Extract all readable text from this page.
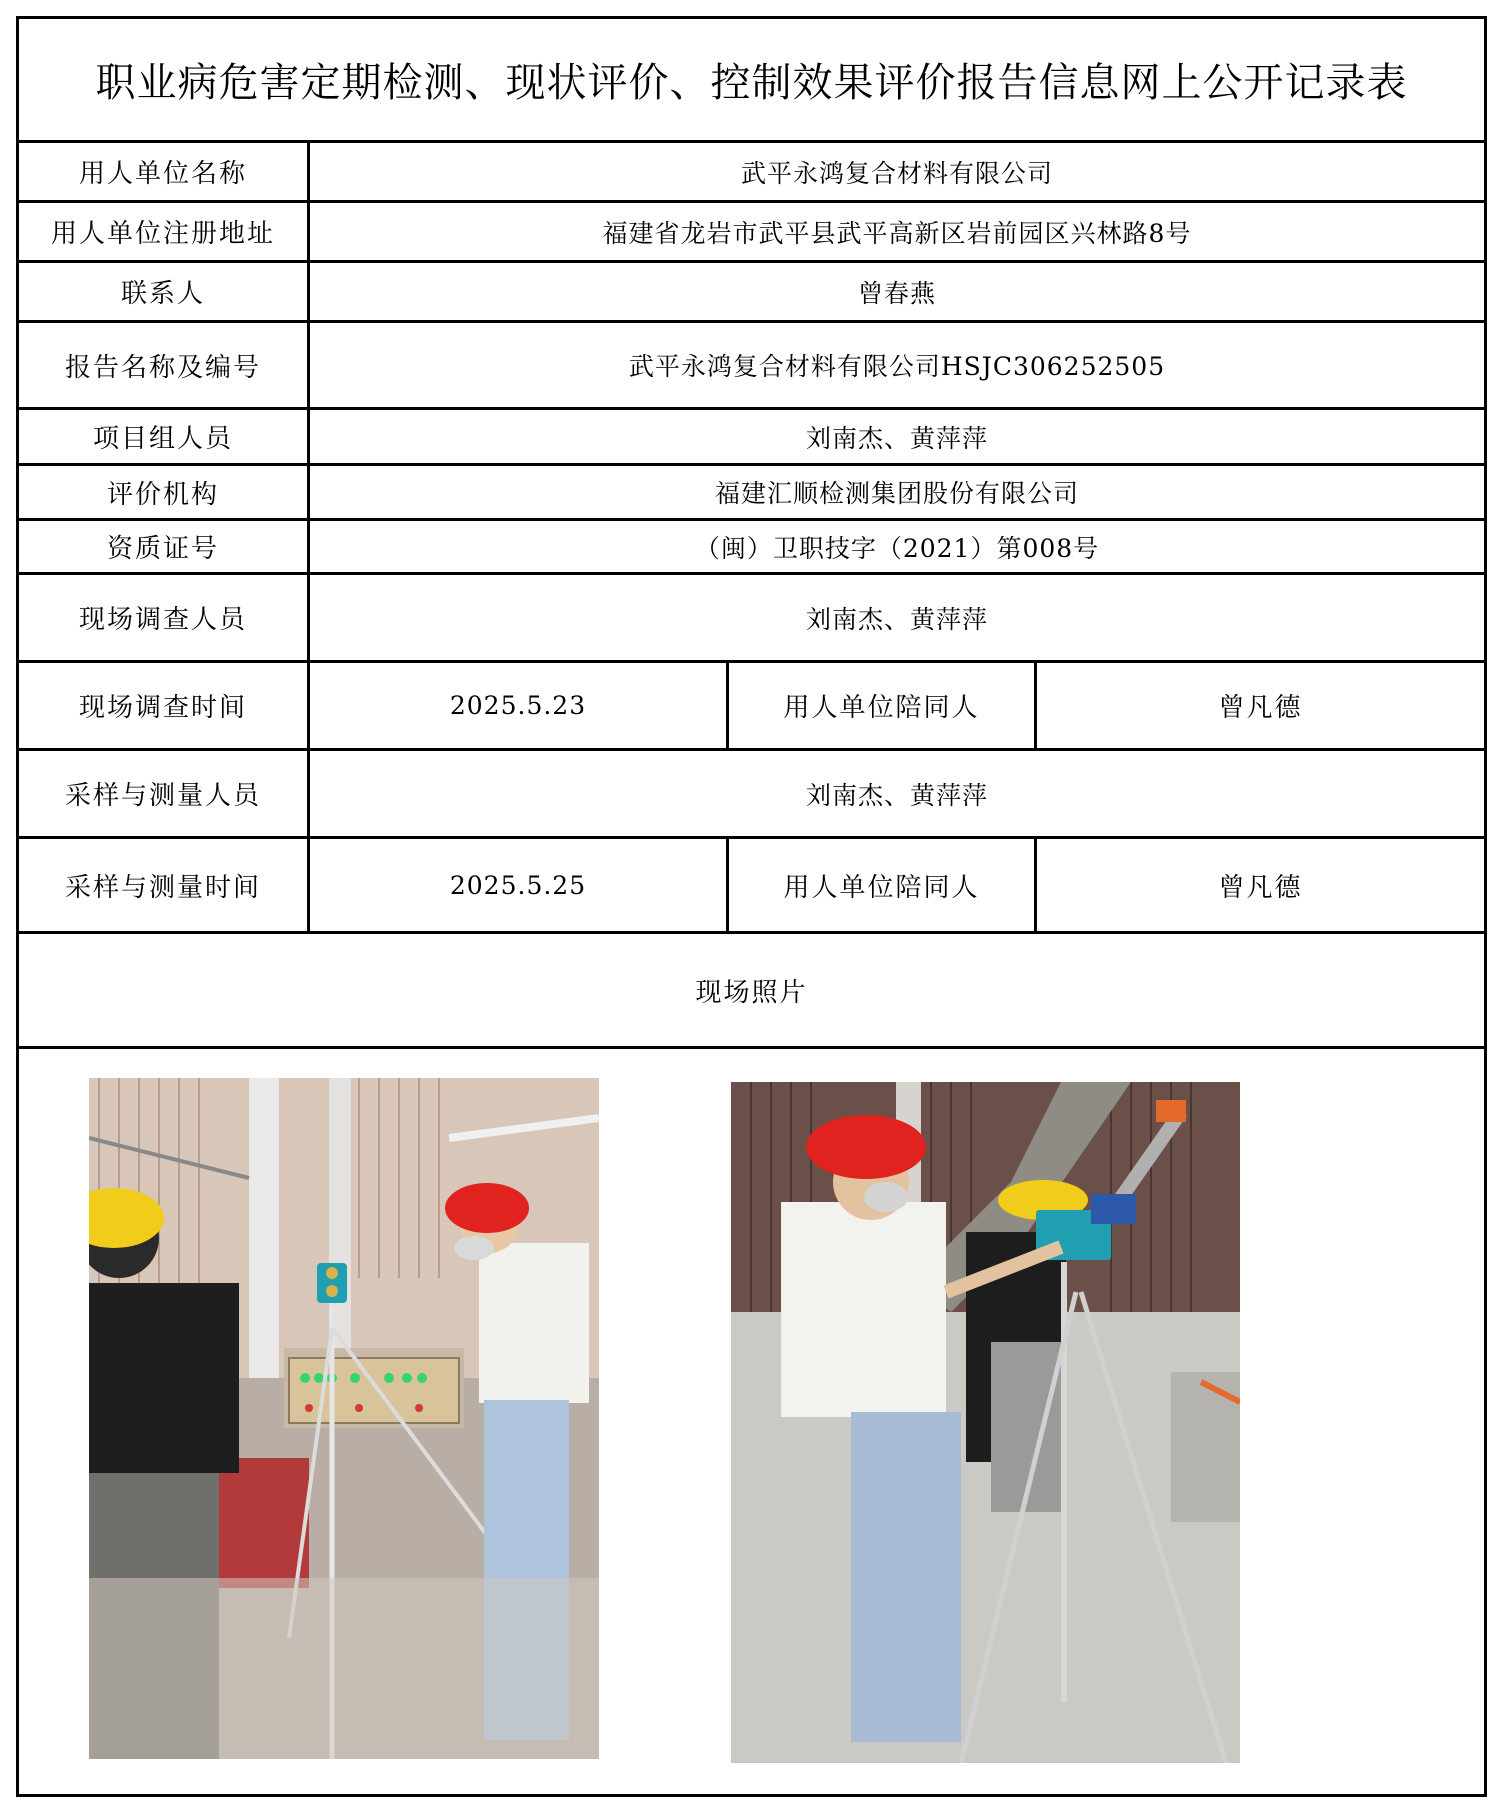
职业病危害定期检测、现状评价、控制效果评价报告信息网上公开记录表
用人单位名称	武平永鸿复合材料有限公司
用人单位注册地址	福建省龙岩市武平县武平高新区岩前园区兴林路8号
联系人	曾春燕
报告名称及编号	武平永鸿复合材料有限公司HSJC306252505
项目组人员	刘南杰、黄萍萍
评价机构	福建汇顺检测集团股份有限公司
资质证号	（闽）卫职技字（2021）第008号
现场调查人员	刘南杰、黄萍萍
现场调查时间	2025.5.23	用人单位陪同人	曾凡德
采样与测量人员	刘南杰、黄萍萍
采样与测量时间	2025.5.25	用人单位陪同人	曾凡德
现场照片
